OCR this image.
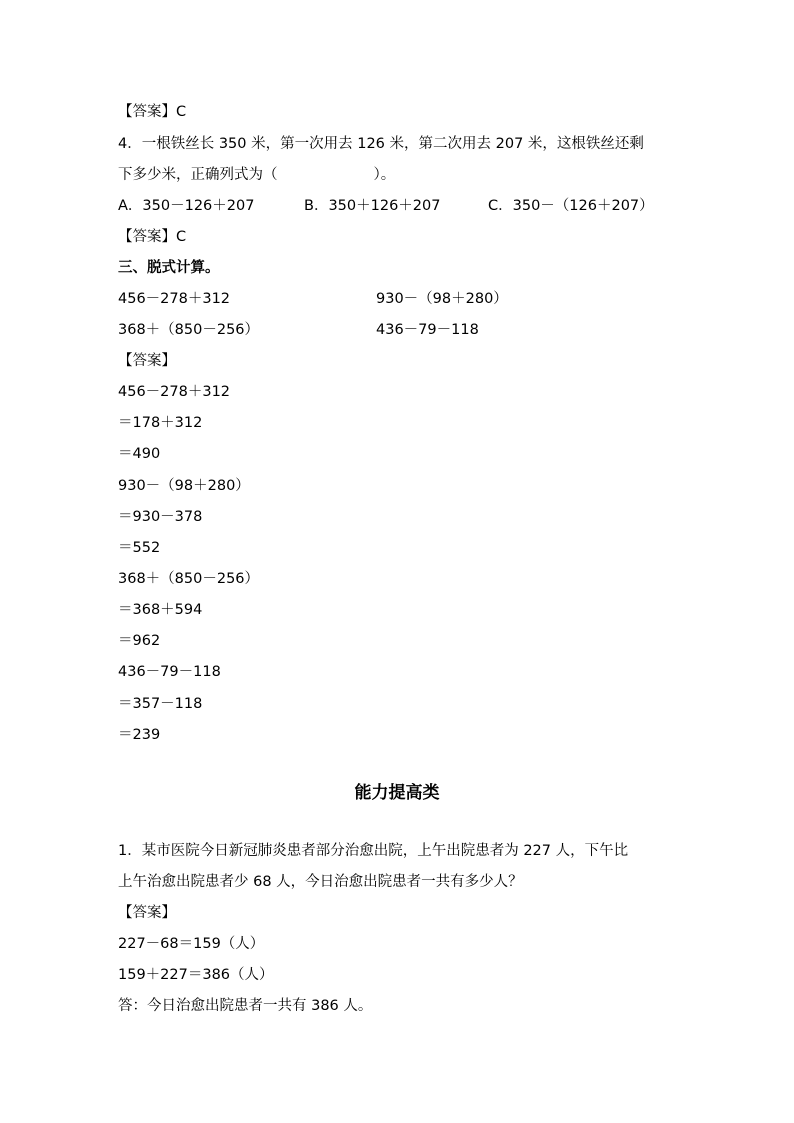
【答案】C
4．一根铁丝长 350 米，第一次用去 126 米，第二次用去 207 米，这根铁丝还剩
下多少米，正确列式为（	）。
A．350－126＋207	B．350＋126＋207	C．350－（126＋207）
【答案】C
三、脱式计算。
456－278＋312	930－（98＋280）
368＋（850－256）	436－79－118
【答案】
456－278＋312
＝178＋312
＝490
930－（98＋280）
＝930－378
＝552
368＋（850－256）
＝368＋594
＝962
436－79－118
＝357－118
＝239
能力提高类
1．某市医院今日新冠肺炎患者部分治愈出院，上午出院患者为 227 人，下午比
上午治愈出院患者少 68 人，今日治愈出院患者一共有多少人？
【答案】
227－68＝159（人）
159＋227＝386（人）
答：今日治愈出院患者一共有 386 人。
